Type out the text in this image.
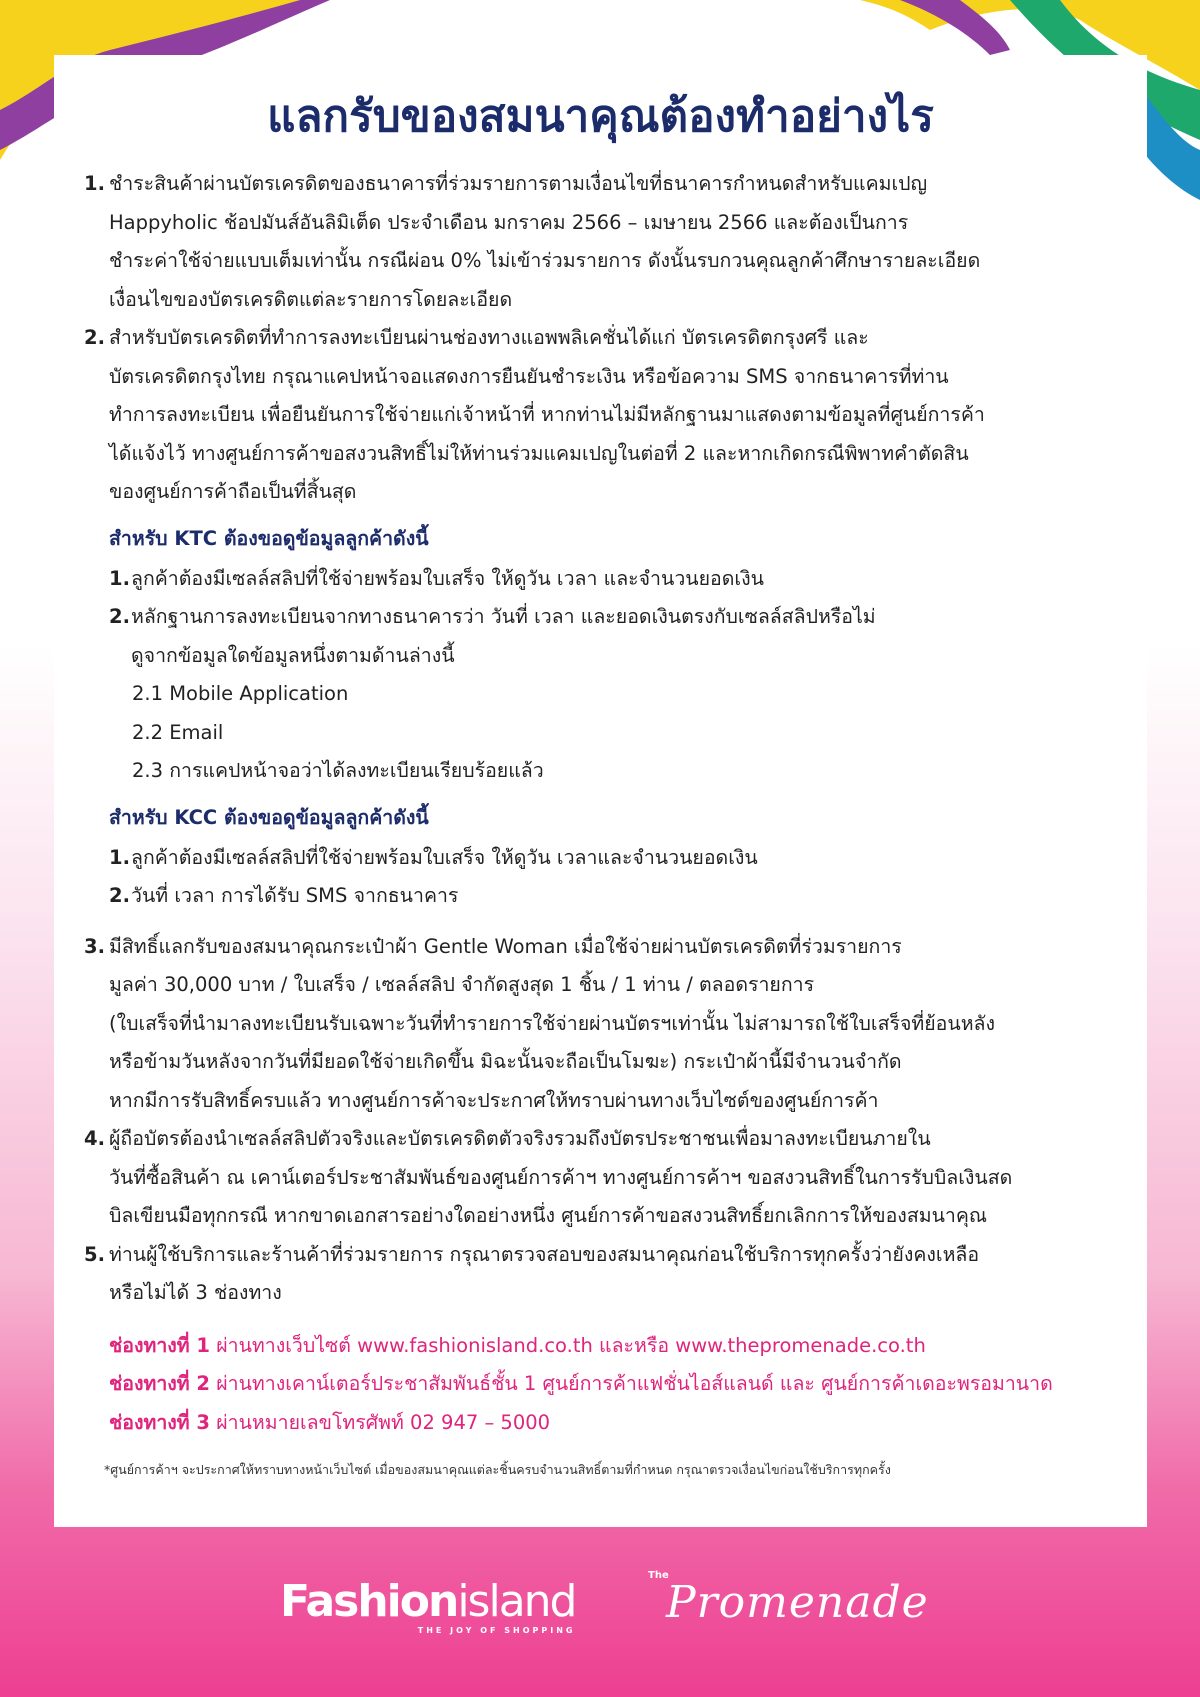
แลกรับของสมนาคุณต้องทำอย่างไร
1. ชำระสินค้าผ่านบัตรเครดิตของธนาคารที่ร่วมรายการตามเงื่อนไขที่ธนาคารกำหนดสำหรับแคมเปญ
Happyholic ช้อปมันส์อันลิมิเต็ด ประจำเดือน มกราคม 2566 – เมษายน 2566 และต้องเป็นการ
ชำระค่าใช้จ่ายแบบเต็มเท่านั้น กรณีผ่อน 0% ไม่เข้าร่วมรายการ ดังนั้นรบกวนคุณลูกค้าศึกษารายละเอียด
เงื่อนไขของบัตรเครดิตแต่ละรายการโดยละเอียด
2. สำหรับบัตรเครดิตที่ทำการลงทะเบียนผ่านช่องทางแอพพลิเคชั่นได้แก่ บัตรเครดิตกรุงศรี และ
บัตรเครดิตกรุงไทย กรุณาแคปหน้าจอแสดงการยืนยันชำระเงิน หรือข้อความ SMS จากธนาคารที่ท่าน
ทำการลงทะเบียน เพื่อยืนยันการใช้จ่ายแก่เจ้าหน้าที่ หากท่านไม่มีหลักฐานมาแสดงตามข้อมูลที่ศูนย์การค้า
ได้แจ้งไว้ ทางศูนย์การค้าขอสงวนสิทธิ์ไม่ให้ท่านร่วมแคมเปญในต่อที่ 2 และหากเกิดกรณีพิพาทคำตัดสิน
ของศูนย์การค้าถือเป็นที่สิ้นสุด
สำหรับ KTC ต้องขอดูข้อมูลลูกค้าดังนี้
1. ลูกค้าต้องมีเซลล์สลิปที่ใช้จ่ายพร้อมใบเสร็จ ให้ดูวัน เวลา และจำนวนยอดเงิน
2. หลักฐานการลงทะเบียนจากทางธนาคารว่า วันที่ เวลา และยอดเงินตรงกับเซลล์สลิปหรือไม่
ดูจากข้อมูลใดข้อมูลหนึ่งตามด้านล่างนี้
2.1 Mobile Application
2.2 Email
2.3 การแคปหน้าจอว่าได้ลงทะเบียนเรียบร้อยแล้ว
สำหรับ KCC ต้องขอดูข้อมูลลูกค้าดังนี้
1. ลูกค้าต้องมีเซลล์สลิปที่ใช้จ่ายพร้อมใบเสร็จ ให้ดูวัน เวลาและจำนวนยอดเงิน
2. วันที่ เวลา การได้รับ SMS จากธนาคาร
3. มีสิทธิ์แลกรับของสมนาคุณกระเป๋าผ้า Gentle Woman เมื่อใช้จ่ายผ่านบัตรเครดิตที่ร่วมรายการ
มูลค่า 30,000 บาท / ใบเสร็จ / เซลล์สลิป จำกัดสูงสุด 1 ชิ้น / 1 ท่าน / ตลอดรายการ
(ใบเสร็จที่นำมาลงทะเบียนรับเฉพาะวันที่ทำรายการใช้จ่ายผ่านบัตรฯเท่านั้น ไม่สามารถใช้ใบเสร็จที่ย้อนหลัง
หรือข้ามวันหลังจากวันที่มียอดใช้จ่ายเกิดขึ้น มิฉะนั้นจะถือเป็นโมฆะ) กระเป๋าผ้านี้มีจำนวนจำกัด
หากมีการรับสิทธิ์ครบแล้ว ทางศูนย์การค้าจะประกาศให้ทราบผ่านทางเว็บไซต์ของศูนย์การค้า
4. ผู้ถือบัตรต้องนำเซลล์สลิปตัวจริงและบัตรเครดิตตัวจริงรวมถึงบัตรประชาชนเพื่อมาลงทะเบียนภายใน
วันที่ซื้อสินค้า ณ เคาน์เตอร์ประชาสัมพันธ์ของศูนย์การค้าฯ ทางศูนย์การค้าฯ ขอสงวนสิทธิ์ในการรับบิลเงินสด
บิลเขียนมือทุกกรณี หากขาดเอกสารอย่างใดอย่างหนึ่ง ศูนย์การค้าขอสงวนสิทธิ์ยกเลิกการให้ของสมนาคุณ
5. ท่านผู้ใช้บริการและร้านค้าที่ร่วมรายการ กรุณาตรวจสอบของสมนาคุณก่อนใช้บริการทุกครั้งว่ายังคงเหลือ
หรือไม่ได้ 3 ช่องทาง
ช่องทางที่ 1 ผ่านทางเว็บไซต์ www.fashionisland.co.th และหรือ www.thepromenade.co.th
ช่องทางที่ 2 ผ่านทางเคาน์เตอร์ประชาสัมพันธ์ชั้น 1 ศูนย์การค้าแฟชั่นไอส์แลนด์ และ ศูนย์การค้าเดอะพรอมานาด
ช่องทางที่ 3 ผ่านหมายเลขโทรศัพท์ 02 947 – 5000
*ศูนย์การค้าฯ จะประกาศให้ทราบทางหน้าเว็บไซต์ เมื่อของสมนาคุณแต่ละชิ้นครบจำนวนสิทธิ์ตามที่กำหนด กรุณาตรวจเงื่อนไขก่อนใช้บริการทุกครั้ง
Fashionisland
THE JOY OF SHOPPING
The
Promenade
